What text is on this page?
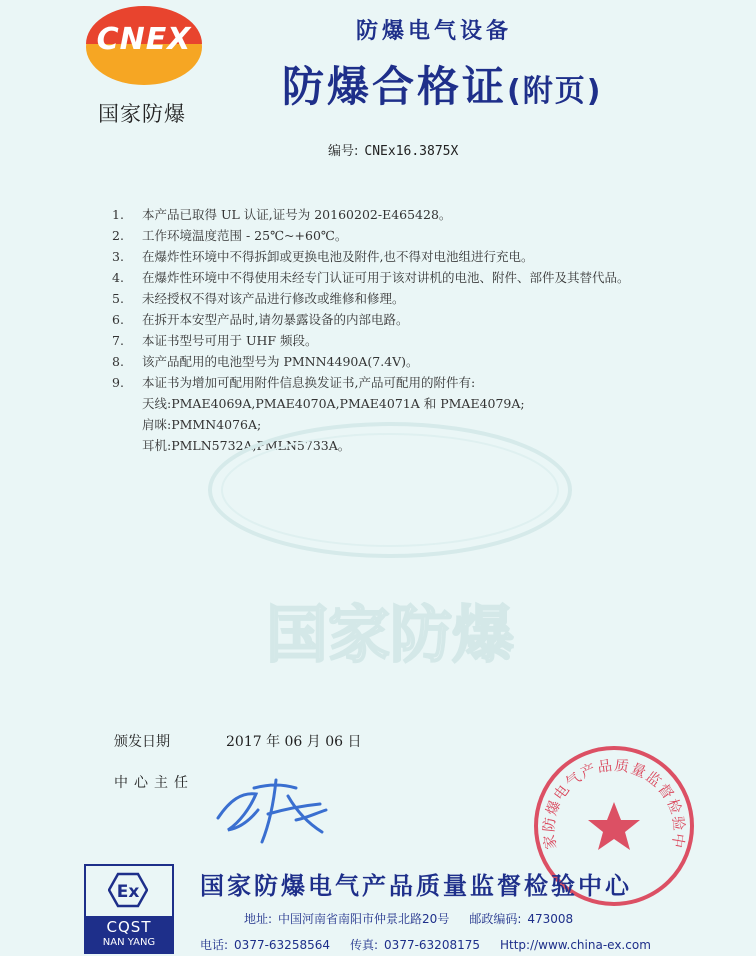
CNEX
国家防爆
防爆电气设备
防爆合格证(附页)
编号: CNEx16.3875X
1.	本产品已取得 UL 认证,证号为 20160202-E465428。
2.	工作环境温度范围 - 25℃~+60℃。
3.	在爆炸性环境中不得拆卸或更换电池及附件,也不得对电池组进行充电。
4.	在爆炸性环境中不得使用未经专门认证可用于该对讲机的电池、附件、部件及其替代品。
5.	未经授权不得对该产品进行修改或维修和修理。
6.	在拆开本安型产品时,请勿暴露设备的内部电路。
7.	本证书型号可用于 UHF 频段。
8.	该产品配用的电池型号为 PMNN4490A(7.4V)。
9.	本证书为增加可配用附件信息换发证书,产品可配用的附件有:
天线:PMAE4069A,PMAE4070A,PMAE4071A 和 PMAE4079A;
肩咪:PMMN4076A;
耳机:PMLN5732A,PMLN5733A。
国家防爆
颁发日期	2017 年 06 月 06 日
中心主任
家防爆电气产品质量监督检验中
Ex
CQST
NAN YANG
国家防爆电气产品质量监督检验中心
地址: 中国河南省南阳市仲景北路20号 邮政编码: 473008
电话: 0377-63258564 传真: 0377-63208175 Http://www.china-ex.com
